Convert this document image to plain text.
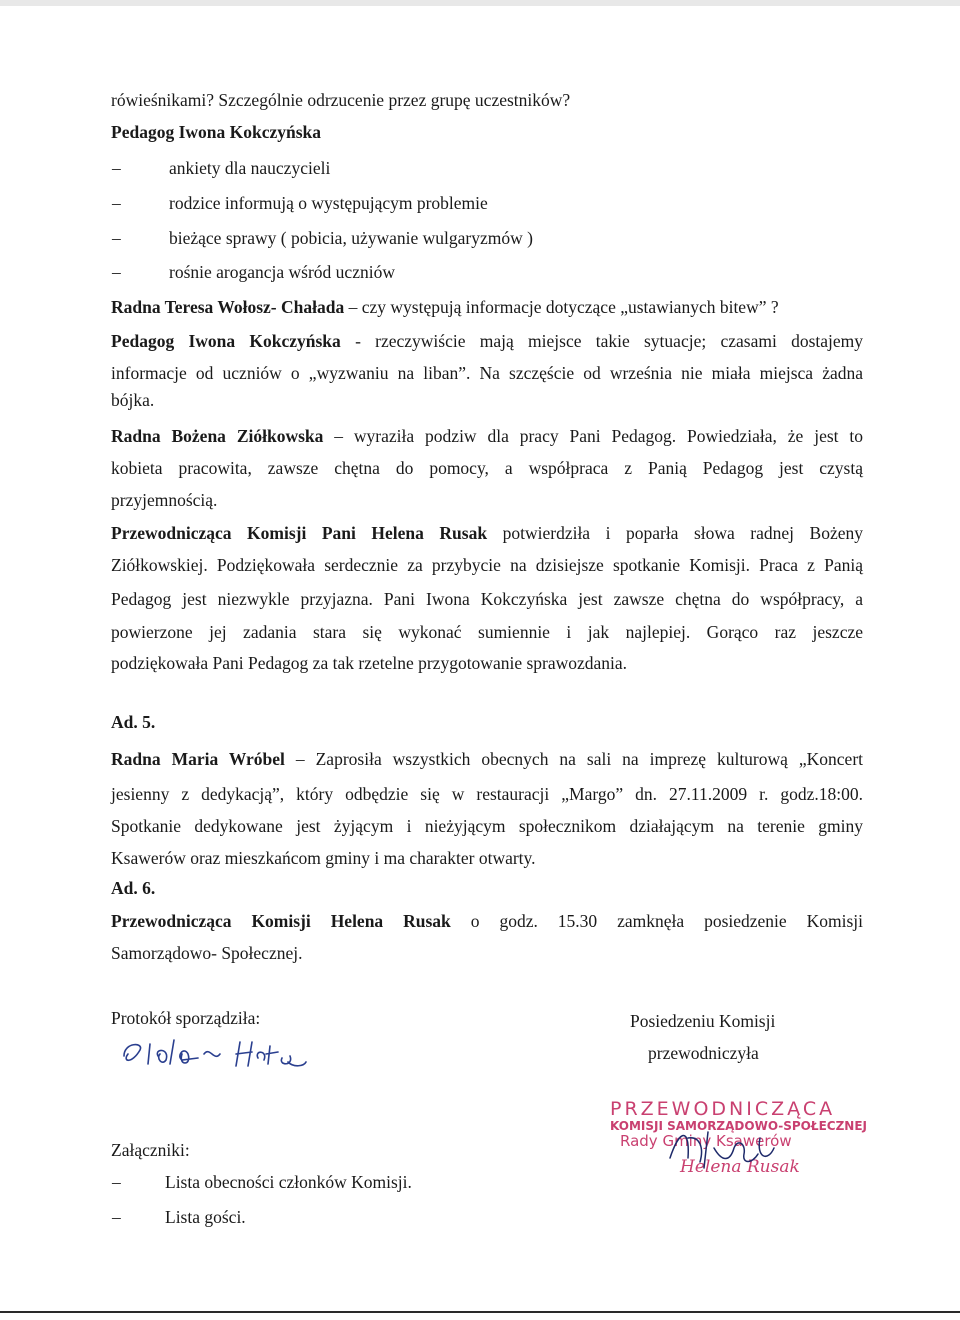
rówieśnikami? Szczególnie odrzucenie przez grupę uczestników?
Pedagog Iwona Kokczyńska
–	ankiety dla nauczycieli
–	rodzice informują o występującym problemie
–	bieżące sprawy ( pobicia, używanie wulgaryzmów )
–	rośnie arogancja wśród uczniów
Radna Teresa Wołosz- Chałada – czy występują informacje dotyczące „ustawianych bitew” ?
Pedagog Iwona Kokczyńska - rzeczywiście mają miejsce takie sytuacje; czasami dostajemy
informacje od uczniów o „wyzwaniu na liban”. Na szczęście od września nie miała miejsca żadna
bójka.
Radna Bożena Ziółkowska – wyraziła podziw dla pracy Pani Pedagog. Powiedziała, że jest to
kobieta pracowita, zawsze chętna do pomocy, a współpraca z Panią Pedagog jest czystą
przyjemnością.
Przewodnicząca Komisji Pani Helena Rusak potwierdziła i poparła słowa radnej Bożeny
Ziółkowskiej. Podziękowała serdecznie za przybycie na dzisiejsze spotkanie Komisji. Praca z Panią
Pedagog jest niezwykle przyjazna. Pani Iwona Kokczyńska jest zawsze chętna do współpracy, a
powierzone jej zadania stara się wykonać sumiennie i jak najlepiej. Gorąco raz jeszcze
podziękowała Pani Pedagog za tak rzetelne przygotowanie sprawozdania.
Ad. 5.
Radna Maria Wróbel – Zaprosiła wszystkich obecnych na sali na imprezę kulturową „Koncert
jesienny z dedykacją”, który odbędzie się w restauracji „Margo” dn. 27.11.2009 r. godz.18:00.
Spotkanie dedykowane jest żyjącym i nieżyjącym społecznikom działającym na terenie gminy
Ksawerów oraz mieszkańcom gminy i ma charakter otwarty.
Ad. 6.
Przewodnicząca Komisji Helena Rusak o godz. 15.30 zamknęła posiedzenie Komisji
Samorządowo- Społecznej.
Protokół sporządziła:	Posiedzeniu Komisji
przewodniczyła
PRZEWODNICZĄCA
KOMISJI SAMORZĄDOWO-SPOŁECZNEJ
Rady Gminy Ksawerów
Helena Rusak
Załączniki:
–	Lista obecności członków Komisji.
–	Lista gości.
